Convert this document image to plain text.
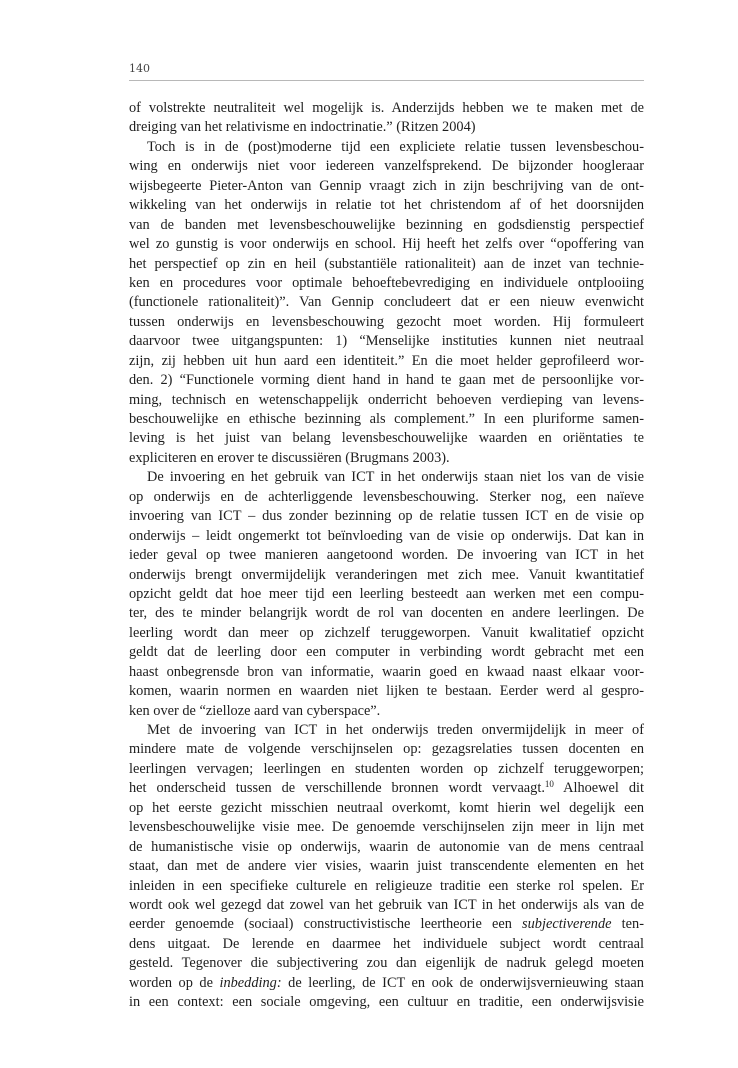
140
of volstrekte neutraliteit wel mogelijk is. Anderzijds hebben we te maken met de
dreiging van het relativisme en indoctrinatie.” (Ritzen 2004)
Toch is in de (post)moderne tijd een expliciete relatie tussen levensbeschou-
wing en onderwijs niet voor iedereen vanzelfsprekend. De bijzonder hoogleraar
wijsbegeerte Pieter-Anton van Gennip vraagt zich in zijn beschrijving van de ont-
wikkeling van het onderwijs in relatie tot het christendom af of het doorsnijden
van de banden met levensbeschouwelijke bezinning en godsdienstig perspectief
wel zo gunstig is voor onderwijs en school. Hij heeft het zelfs over “opoffering van
het perspectief op zin en heil (substantiële rationaliteit) aan de inzet van technie-
ken en procedures voor optimale behoeftebevrediging en individuele ontplooiing
(functionele rationaliteit)”. Van Gennip concludeert dat er een nieuw evenwicht
tussen onderwijs en levensbeschouwing gezocht moet worden. Hij formuleert
daarvoor twee uitgangspunten: 1) “Menselijke instituties kunnen niet neutraal
zijn, zij hebben uit hun aard een identiteit.” En die moet helder geprofileerd wor-
den. 2) “Functionele vorming dient hand in hand te gaan met de persoonlijke vor-
ming, technisch en wetenschappelijk onderricht behoeven verdieping van levens-
beschouwelijke en ethische bezinning als complement.” In een pluriforme samen-
leving is het juist van belang levensbeschouwelijke waarden en oriëntaties te
expliciteren en erover te discussiëren (Brugmans 2003).
De invoering en het gebruik van ICT in het onderwijs staan niet los van de visie
op onderwijs en de achterliggende levensbeschouwing. Sterker nog, een naïeve
invoering van ICT – dus zonder bezinning op de relatie tussen ICT en de visie op
onderwijs – leidt ongemerkt tot beïnvloeding van de visie op onderwijs. Dat kan in
ieder geval op twee manieren aangetoond worden. De invoering van ICT in het
onderwijs brengt onvermijdelijk veranderingen met zich mee. Vanuit kwantitatief
opzicht geldt dat hoe meer tijd een leerling besteedt aan werken met een compu-
ter, des te minder belangrijk wordt de rol van docenten en andere leerlingen. De
leerling wordt dan meer op zichzelf teruggeworpen. Vanuit kwalitatief opzicht
geldt dat de leerling door een computer in verbinding wordt gebracht met een
haast onbegrensde bron van informatie, waarin goed en kwaad naast elkaar voor-
komen, waarin normen en waarden niet lijken te bestaan. Eerder werd al gespro-
ken over de “zielloze aard van cyberspace”.
Met de invoering van ICT in het onderwijs treden onvermijdelijk in meer of
mindere mate de volgende verschijnselen op: gezagsrelaties tussen docenten en
leerlingen vervagen; leerlingen en studenten worden op zichzelf teruggeworpen;
het onderscheid tussen de verschillende bronnen wordt vervaagt.$^{10}$ Alhoewel dit
op het eerste gezicht misschien neutraal overkomt, komt hierin wel degelijk een
levensbeschouwelijke visie mee. De genoemde verschijnselen zijn meer in lijn met
de humanistische visie op onderwijs, waarin de autonomie van de mens centraal
staat, dan met de andere vier visies, waarin juist transcendente elementen en het
inleiden in een specifieke culturele en religieuze traditie een sterke rol spelen. Er
wordt ook wel gezegd dat zowel van het gebruik van ICT in het onderwijs als van de
eerder genoemde (sociaal) constructivistische leertheorie een subjectiverende ten-
dens uitgaat. De lerende en daarmee het individuele subject wordt centraal
gesteld. Tegenover die subjectivering zou dan eigenlijk de nadruk gelegd moeten
worden op de inbedding: de leerling, de ICT en ook de onderwijsvernieuwing staan
in een context: een sociale omgeving, een cultuur en traditie, een onderwijsvisie
